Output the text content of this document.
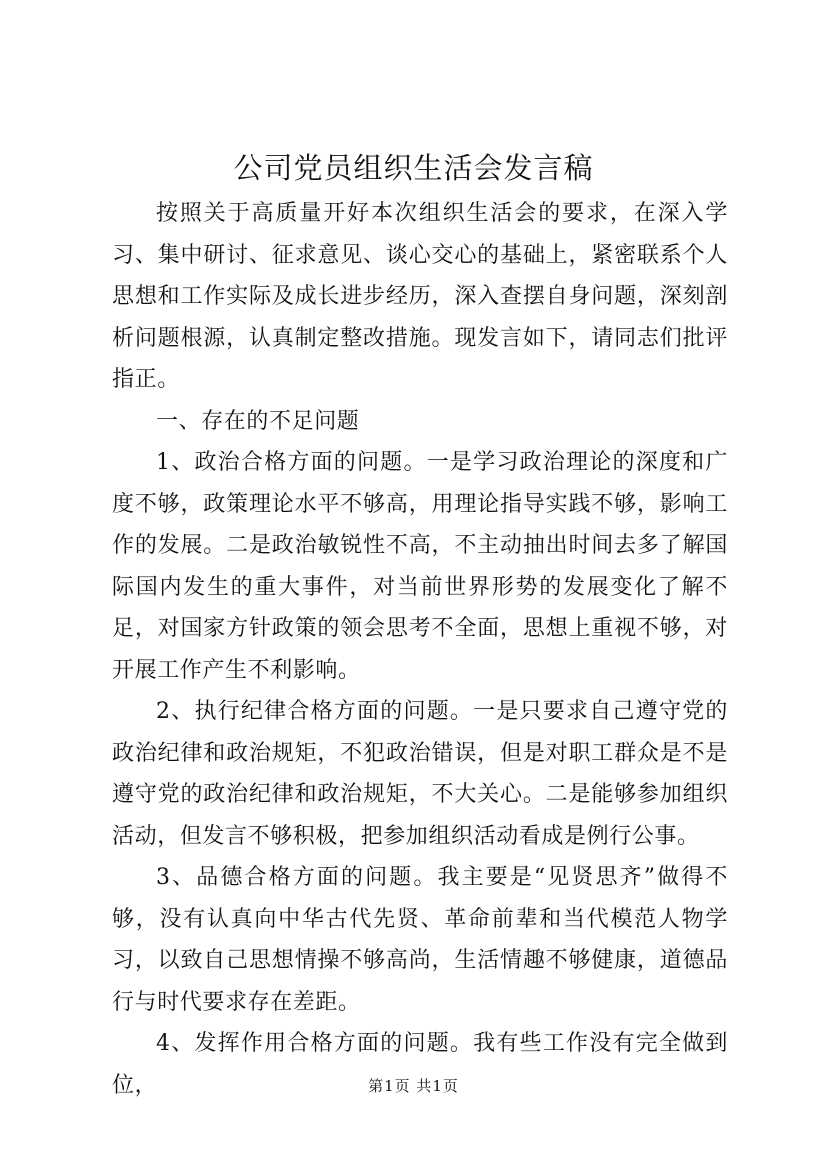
公司党员组织生活会发言稿

按照关于高质量开好本次组织生活会的要求，在深入学习、集中研讨、征求意见、谈心交心的基础上，紧密联系个人思想和工作实际及成长进步经历，深入查摆自身问题，深刻剖析问题根源，认真制定整改措施。现发言如下，请同志们批评指正。

一、存在的不足问题

1、政治合格方面的问题。一是学习政治理论的深度和广度不够，政策理论水平不够高，用理论指导实践不够，影响工作的发展。二是政治敏锐性不高，不主动抽出时间去多了解国际国内发生的重大事件，对当前世界形势的发展变化了解不足，对国家方针政策的领会思考不全面，思想上重视不够，对开展工作产生不利影响。

2、执行纪律合格方面的问题。一是只要求自己遵守党的政治纪律和政治规矩，不犯政治错误，但是对职工群众是不是遵守党的政治纪律和政治规矩，不大关心。二是能够参加组织活动，但发言不够积极，把参加组织活动看成是例行公事。

3、品德合格方面的问题。我主要是“见贤思齐”做得不够，没有认真向中华古代先贤、革命前辈和当代模范人物学习，以致自己思想情操不够高尚，生活情趣不够健康，道德品行与时代要求存在差距。

4、发挥作用合格方面的问题。我有些工作没有完全做到位，	第1页 共1页
